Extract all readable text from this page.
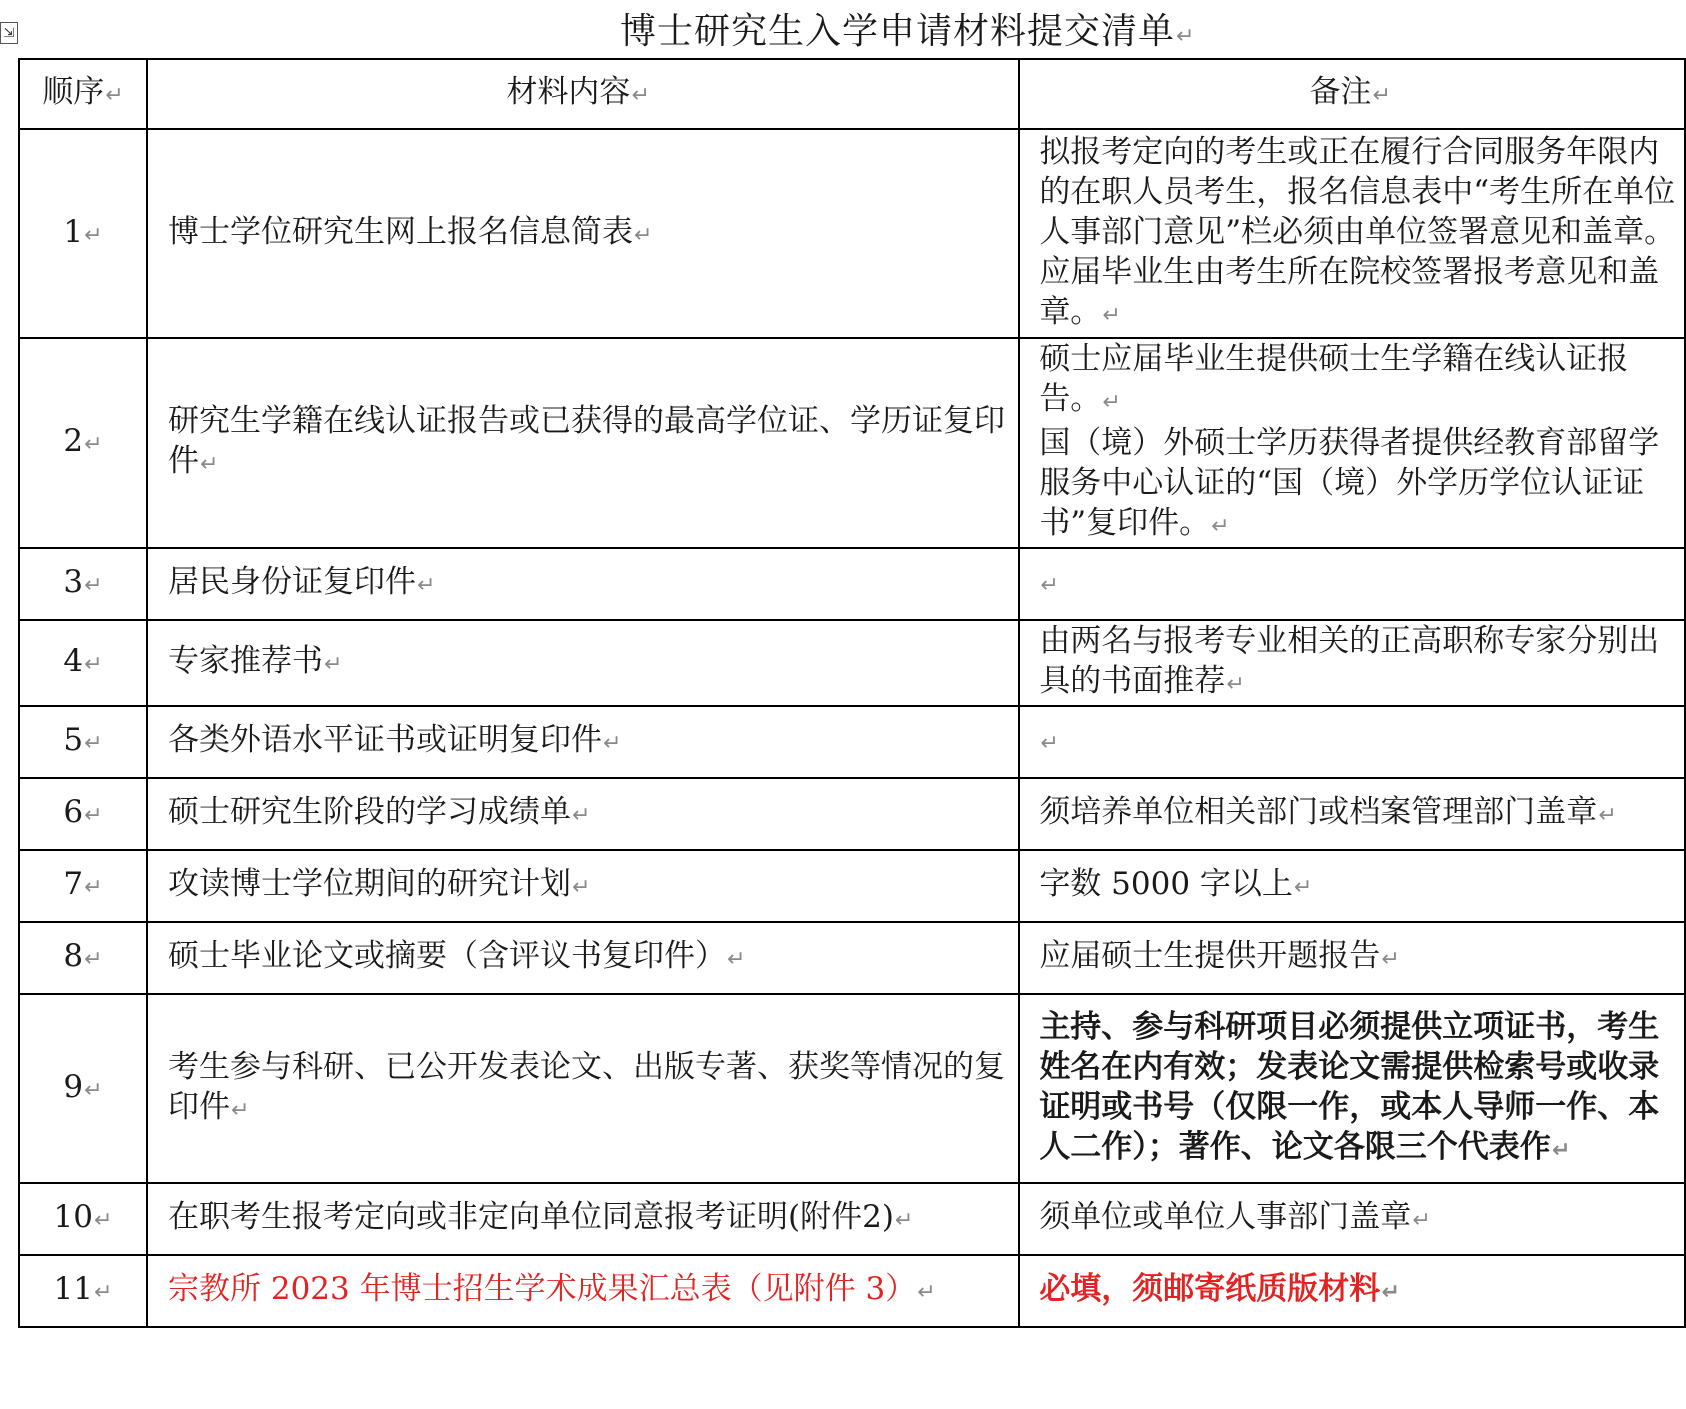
⇲	博士研究生入学申请材料提交清单 ↵
顺序 ↵	材料内容 ↵	备注 ↵
1 ↵	博士学位研究生网上报名信息简表 ↵	拟报考定向的考生或正在履行合同服务年限内的在职人员考生，报名信息表中“考生所在单位人事部门意见”栏必须由单位签署意见和盖章。应届毕业生由考生所在院校签署报考意见和盖章。 ↵
2 ↵	研究生学籍在线认证报告或已获得的最高学位证、学历证复印件 ↵	硕士应届毕业生提供硕士生学籍在线认证报告。 ↵
国（境）外硕士学历获得者提供经教育部留学服务中心认证的“国（境）外学历学位认证证书”复印件。 ↵

3 ↵	居民身份证复印件 ↵	↵
4 ↵	专家推荐书 ↵	由两名与报考专业相关的正高职称专家分别出具的书面推荐 ↵
5 ↵	各类外语水平证书或证明复印件 ↵	↵
6 ↵	硕士研究生阶段的学习成绩单 ↵	须培养单位相关部门或档案管理部门盖章 ↵
7 ↵	攻读博士学位期间的研究计划 ↵	字数 5000 字以上 ↵
8 ↵	硕士毕业论文或摘要（含评议书复印件） ↵	应届硕士生提供开题报告 ↵
9 ↵	考生参与科研、已公开发表论文、出版专著、获奖等情况的复印件 ↵	主持、参与科研项目必须提供立项证书，考生姓名在内有效；发表论文需提供检索号或收录证明或书号（仅限一作，或本人导师一作、本人二作）；著作、论文各限三个代表作 ↵
10 ↵	在职考生报考定向或非定向单位同意报考证明(附件2) ↵	须单位或单位人事部门盖章 ↵
11 ↵	宗教所 2023 年博士招生学术成果汇总表（见附件 3） ↵	必填，须邮寄纸质版材料 ↵
